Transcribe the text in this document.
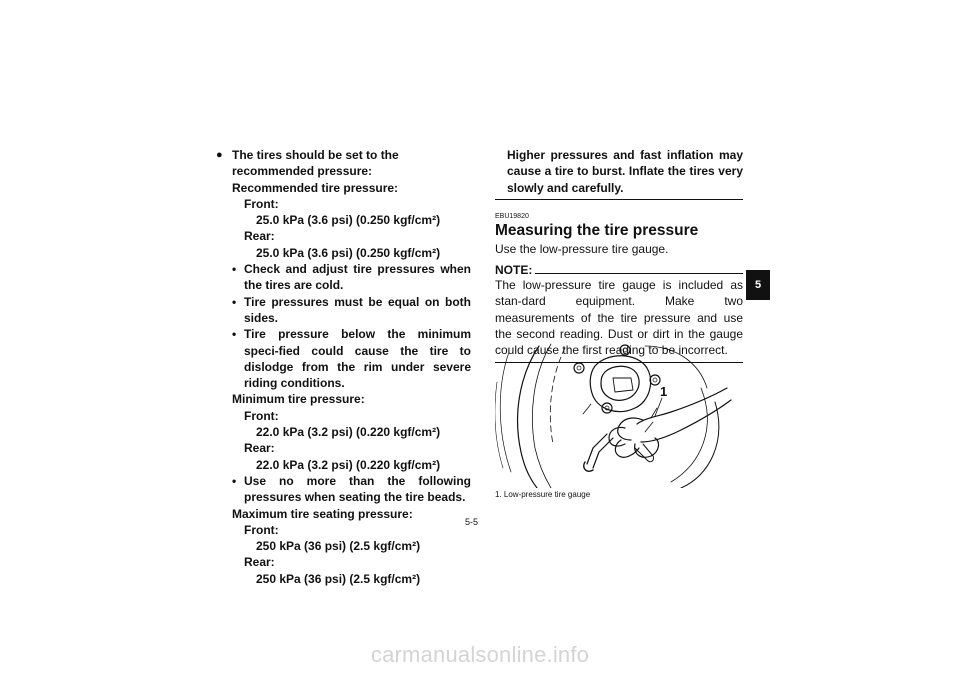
● The tires should be set to the recommended pressure:
Recommended tire pressure:
Front:
25.0 kPa (3.6 psi) (0.250 kgf/cm²)
Rear:
25.0 kPa (3.6 psi) (0.250 kgf/cm²)
• Check and adjust tire pressures when the tires are cold.
• Tire pressures must be equal on both sides.
• Tire pressure below the minimum speci-fied could cause the tire to dislodge from the rim under severe riding conditions.
Minimum tire pressure:
Front:
22.0 kPa (3.2 psi) (0.220 kgf/cm²)
Rear:
22.0 kPa (3.2 psi) (0.220 kgf/cm²)
• Use no more than the following pressures when seating the tire beads.
Maximum tire seating pressure:
Front:
250 kPa (36 psi) (2.5 kgf/cm²)
Rear:
250 kPa (36 psi) (2.5 kgf/cm²)
Higher pressures and fast inflation may cause a tire to burst. Inflate the tires very slowly and carefully.
EBU19820
Measuring the tire pressure
Use the low-pressure tire gauge.
NOTE:
The low-pressure tire gauge is included as stan-dard equipment. Make two measurements of the tire pressure and use the second reading. Dust or dirt in the gauge could cause the first reading to be incorrect.
1
1. Low-pressure tire gauge
5-5
5
carmanualsonline.info
